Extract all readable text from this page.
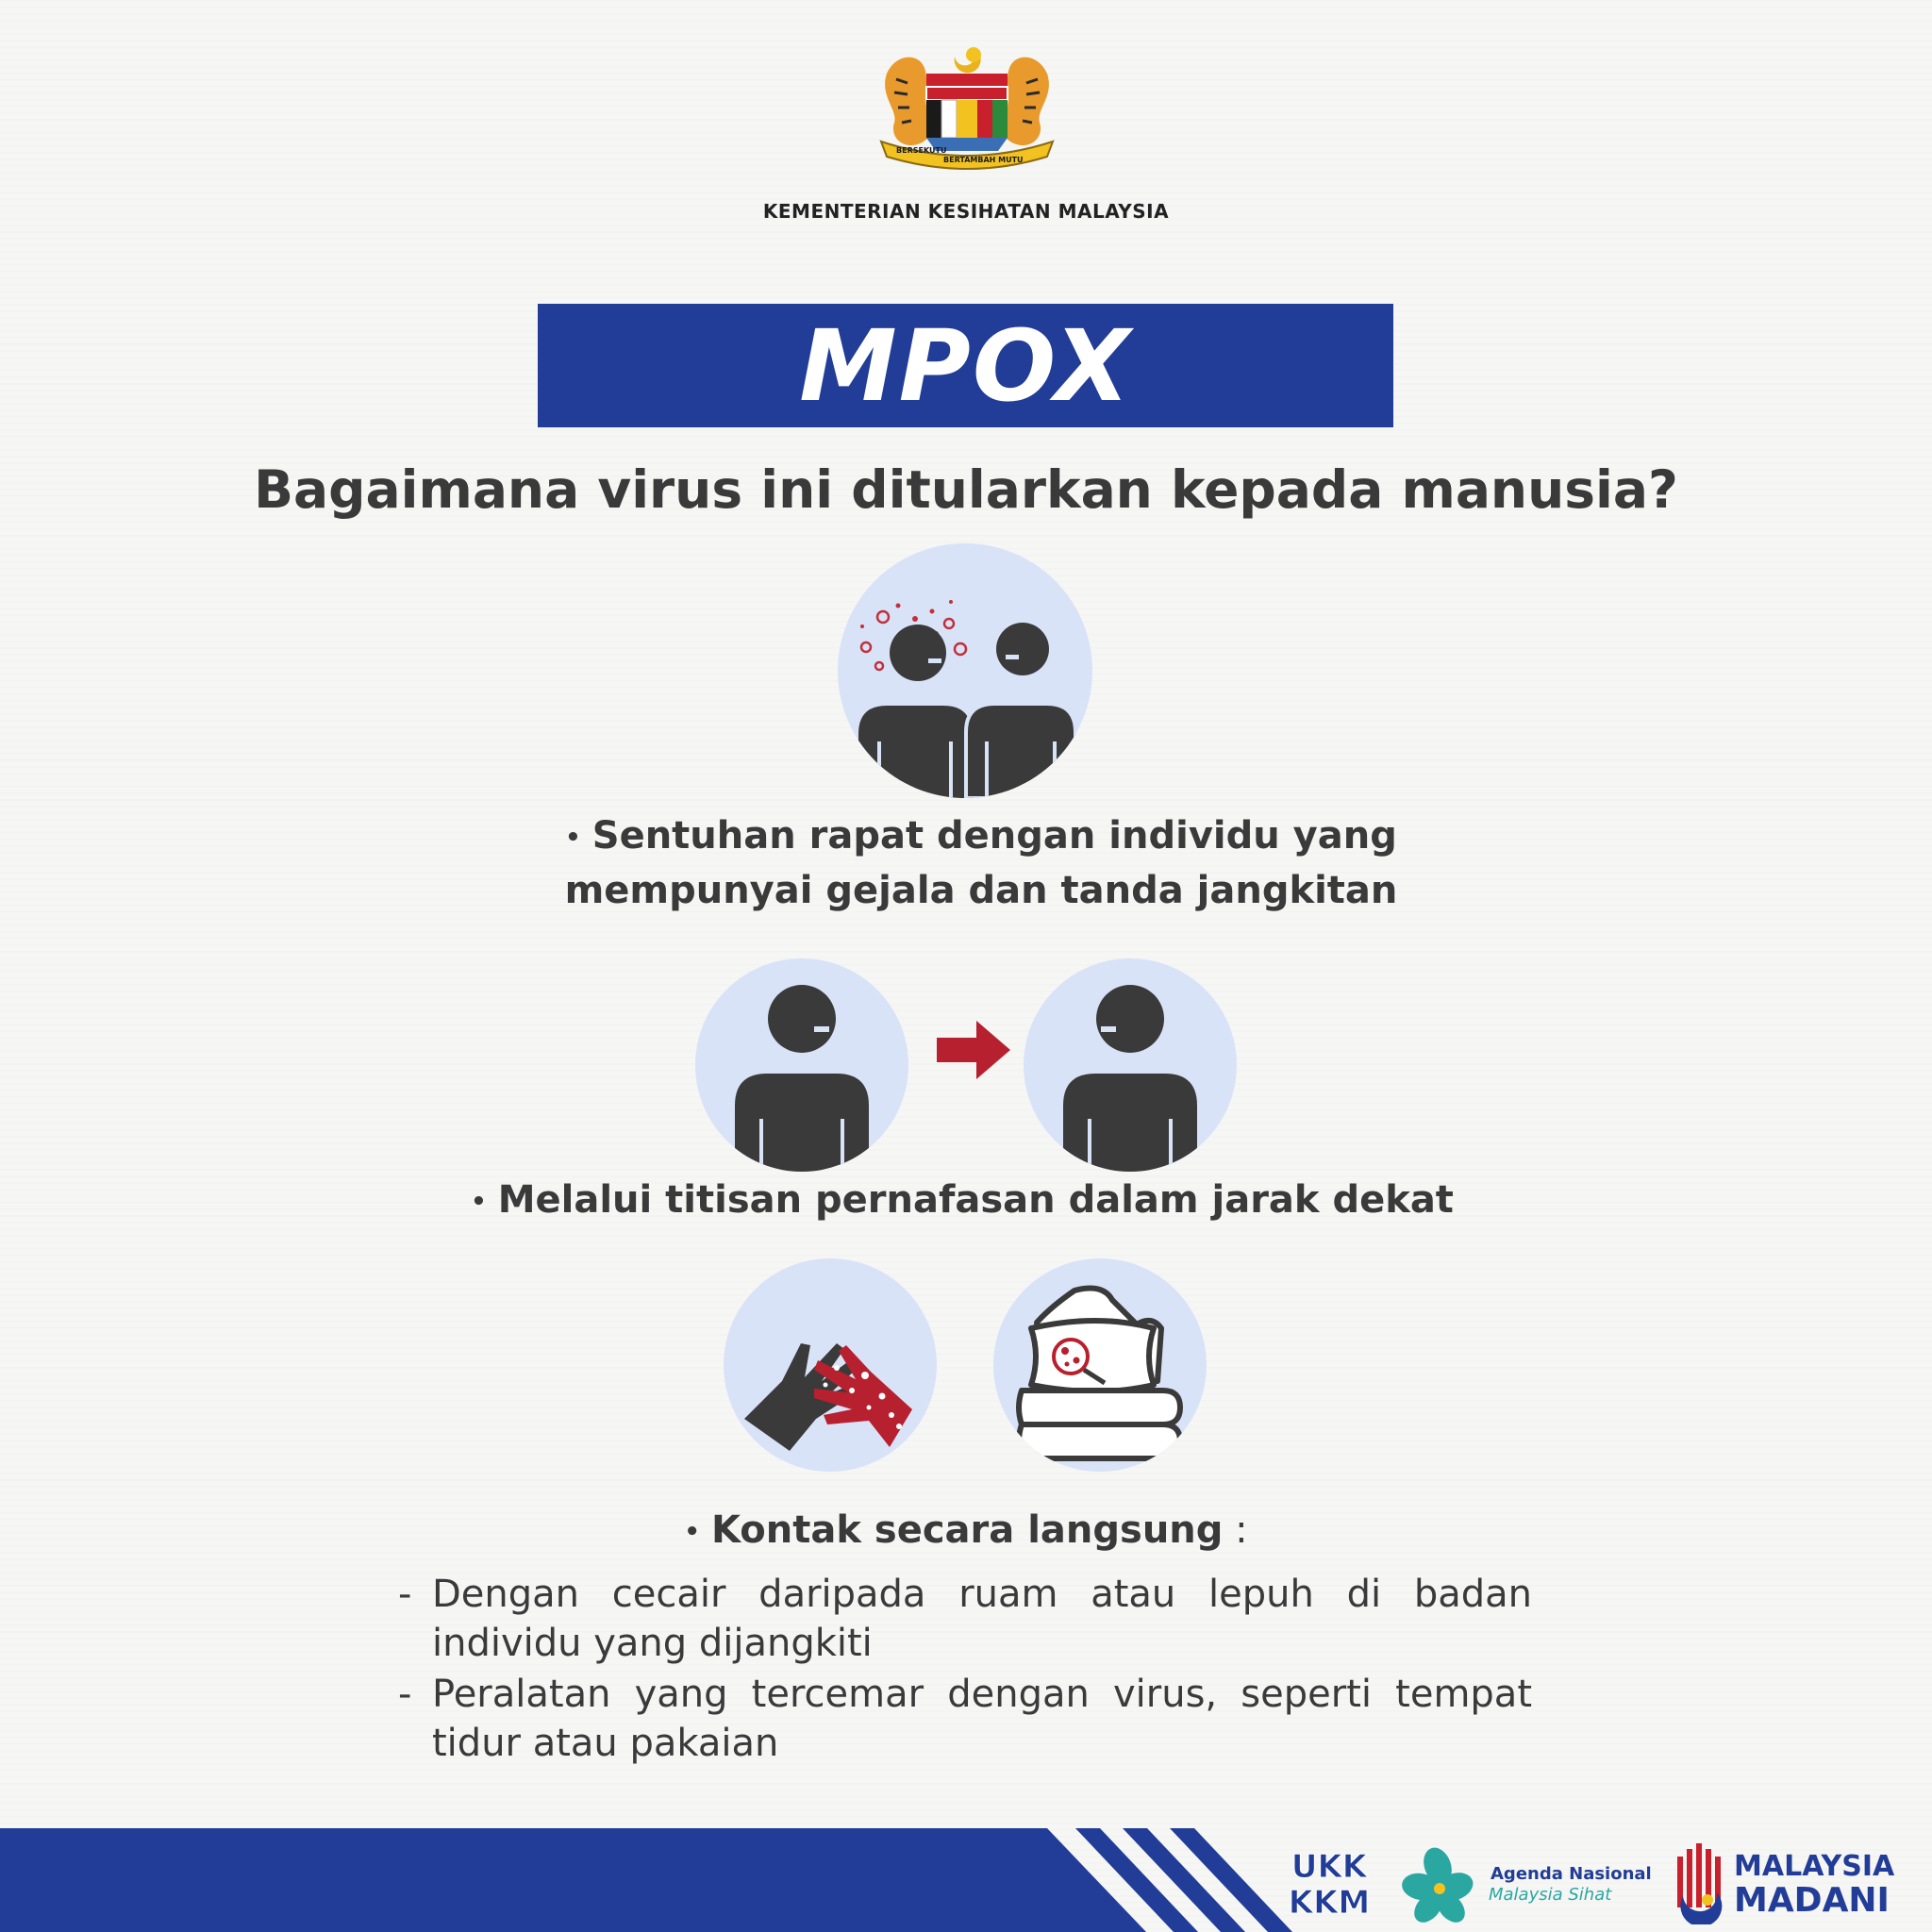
BERSEKUTU
BERTAMBAH MUTU
KEMENTERIAN KESIHATAN MALAYSIA
MPOX
Bagaimana virus ini ditularkan kepada manusia?
• Sentuhan rapat dengan individu yang
mempunyai gejala dan tanda jangkitan
• Melalui titisan pernafasan dalam jarak dekat
• Kontak secara langsung :
- Dengan cecair daripada ruam atau lepuh di badan individu yang dijangkiti
- Peralatan yang tercemar dengan virus, seperti tempat tidur atau pakaian
UKK
KKM
Agenda Nasional
Malaysia Sihat
MALAYSIA
MADANI
